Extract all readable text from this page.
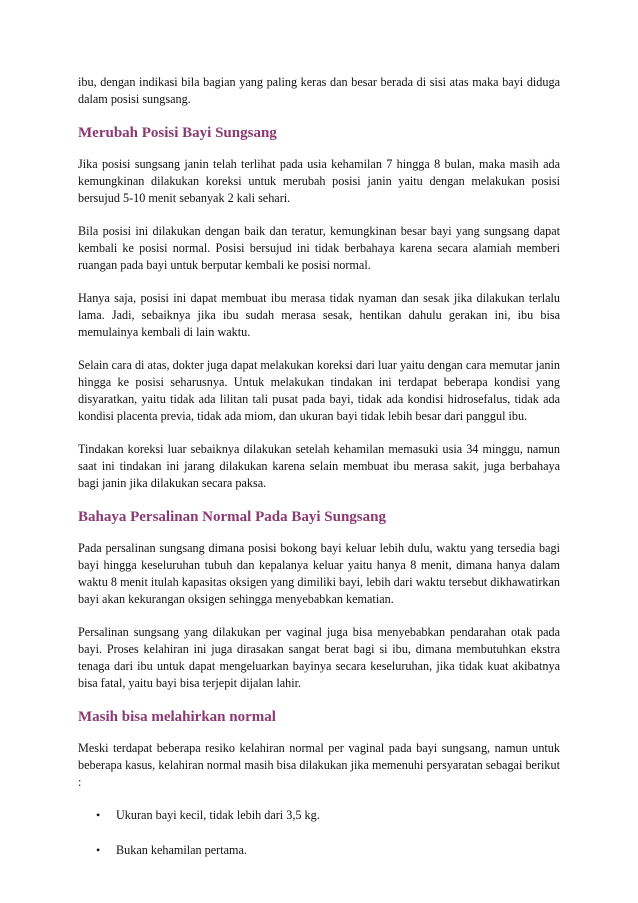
ibu, dengan indikasi bila bagian yang paling keras dan besar berada di sisi atas maka bayi diduga dalam posisi sungsang.

Merubah Posisi Bayi Sungsang

Jika posisi sungsang janin telah terlihat pada usia kehamilan 7 hingga 8 bulan, maka masih ada kemungkinan dilakukan koreksi untuk merubah posisi janin yaitu dengan melakukan posisi bersujud 5-10 menit sebanyak 2 kali sehari.

Bila posisi ini dilakukan dengan baik dan teratur, kemungkinan besar bayi yang sungsang dapat kembali ke posisi normal. Posisi bersujud ini tidak berbahaya karena secara alamiah memberi ruangan pada bayi untuk berputar kembali ke posisi normal.

Hanya saja, posisi ini dapat membuat ibu merasa tidak nyaman dan sesak jika dilakukan terlalu lama. Jadi, sebaiknya jika ibu sudah merasa sesak, hentikan dahulu gerakan ini, ibu bisa memulainya kembali di lain waktu.

Selain cara di atas, dokter juga dapat melakukan koreksi dari luar yaitu dengan cara memutar janin hingga ke posisi seharusnya. Untuk melakukan tindakan ini terdapat beberapa kondisi yang disyaratkan, yaitu tidak ada lilitan tali pusat pada bayi, tidak ada kondisi hidrosefalus, tidak ada kondisi placenta previa, tidak ada miom, dan ukuran bayi tidak lebih besar dari panggul ibu.

Tindakan koreksi luar sebaiknya dilakukan setelah kehamilan memasuki usia 34 minggu, namun saat ini tindakan ini jarang dilakukan karena selain membuat ibu merasa sakit, juga berbahaya bagi janin jika dilakukan secara paksa.

Bahaya Persalinan Normal Pada Bayi Sungsang

Pada persalinan sungsang dimana posisi bokong bayi keluar lebih dulu, waktu yang tersedia bagi bayi hingga keseluruhan tubuh dan kepalanya keluar yaitu hanya 8 menit, dimana hanya dalam waktu 8 menit itulah kapasitas oksigen yang dimiliki bayi, lebih dari waktu tersebut dikhawatirkan bayi akan kekurangan oksigen sehingga menyebabkan kematian.

Persalinan sungsang yang dilakukan per vaginal juga bisa menyebabkan pendarahan otak pada bayi. Proses kelahiran ini juga dirasakan sangat berat bagi si ibu, dimana membutuhkan ekstra tenaga dari ibu untuk dapat mengeluarkan bayinya secara keseluruhan, jika tidak kuat akibatnya bisa fatal, yaitu bayi bisa terjepit dijalan lahir.

Masih bisa melahirkan normal

Meski terdapat beberapa resiko kelahiran normal per vaginal pada bayi sungsang, namun untuk beberapa kasus, kelahiran normal masih bisa dilakukan jika memenuhi persyaratan sebagai berikut :

• Ukuran bayi kecil, tidak lebih dari 3,5 kg.
• Bukan kehamilan pertama.
